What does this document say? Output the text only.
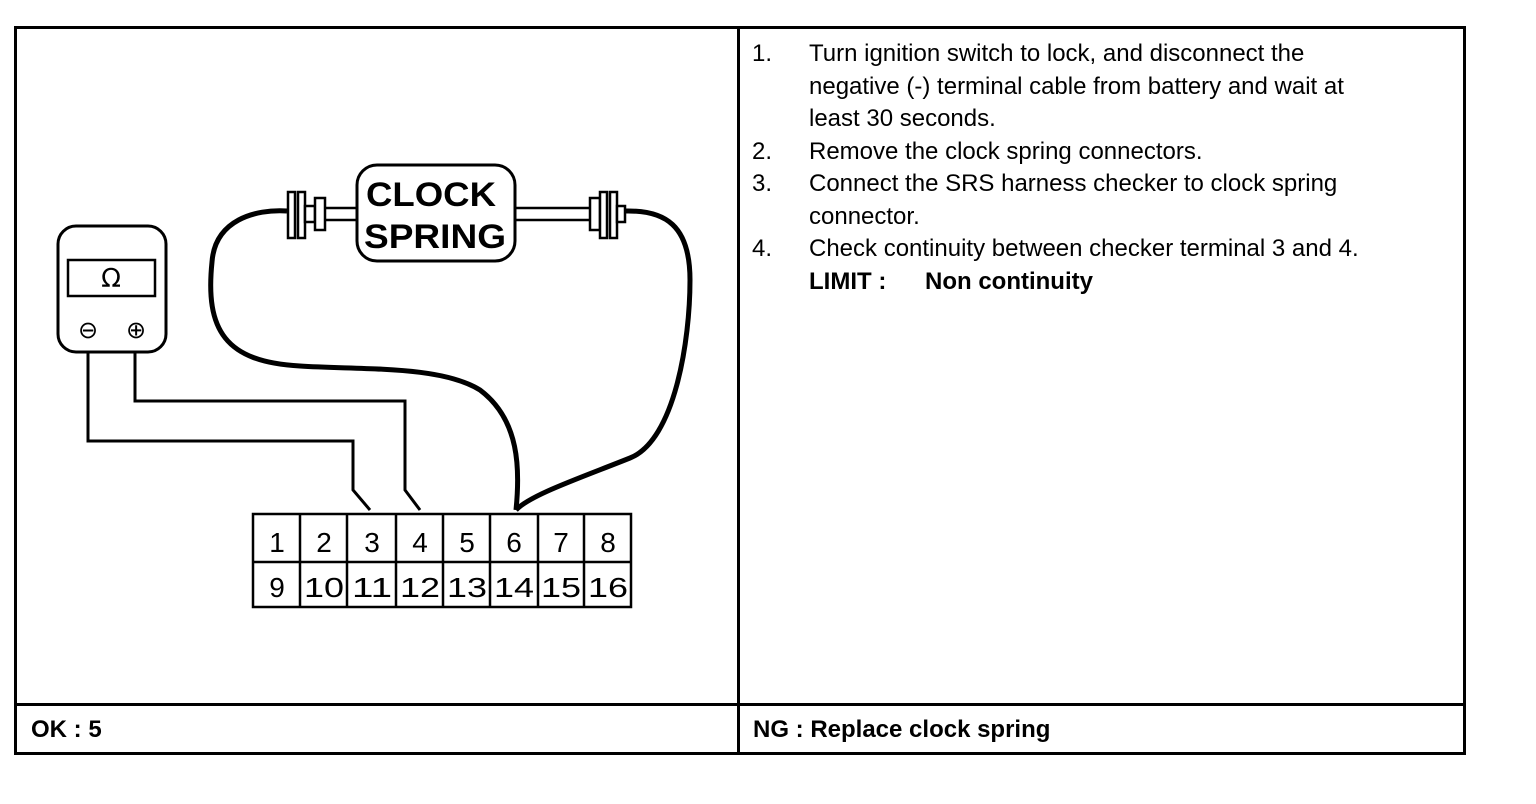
CLOCK
SPRING
Ω
⊖ ⊕
1 2 3 4 5 6 7 8
9 10 11 12 13 14 15 16
1.	Turn ignition switch to lock, and disconnect the
negative (-) terminal cable from battery and wait at
least 30 seconds.
2.	Remove the clock spring connectors.
3.	Connect the SRS harness checker to clock spring
connector.
4.	Check continuity between checker terminal 3 and 4.
LIMIT :	Non continuity
OK : 5	NG : Replace clock spring
